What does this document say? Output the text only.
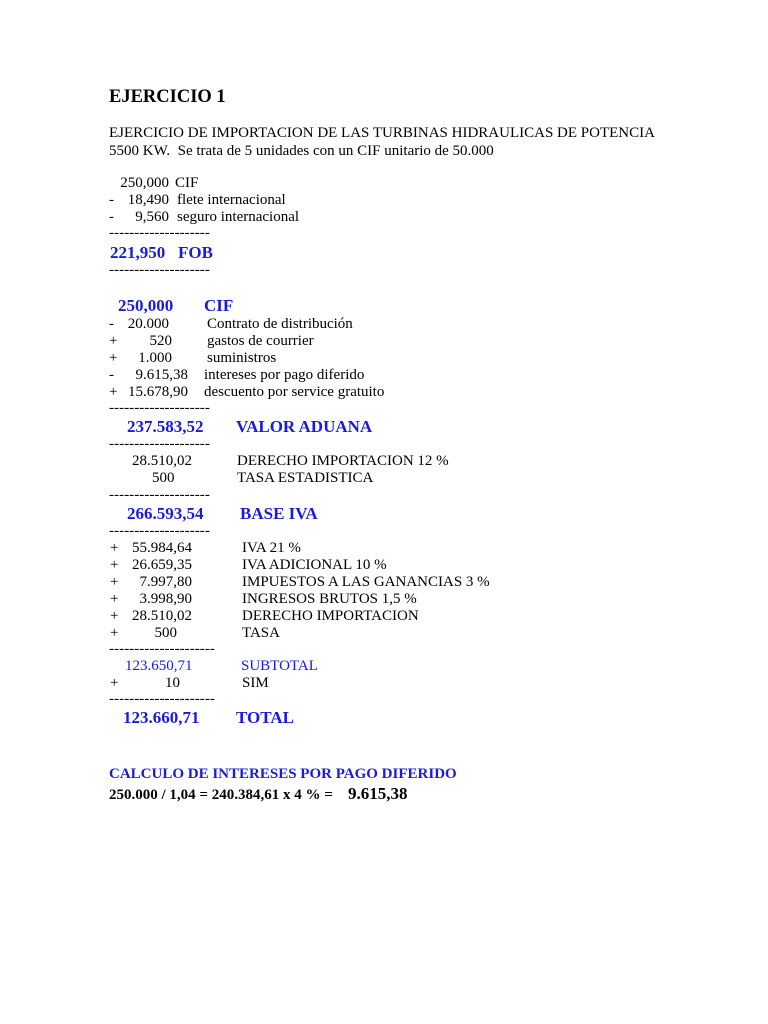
EJERCICIO 1
EJERCICIO DE IMPORTACION DE LAS TURBINAS HIDRAULICAS DE POTENCIA
5500 KW.  Se trata de 5 unidades con un CIF unitario de 50.000
250,000 CIF
- 18,490 flete internacional
-	9,560 seguro internacional
--------------------
221,950 FOB
--------------------
250,000 CIF
- 20.000	Contrato de distribución
+	520 gastos de courrier
+	1.000 suministros
-	9.615,38 intereses por pago diferido
+ 15.678,90 descuento por service gratuito
--------------------
237.583,52 VALOR ADUANA
--------------------
28.510,02	DERECHO IMPORTACION 12 %
500	TASA ESTADISTICA
--------------------
266.593,54 BASE IVA
--------------------
+ 55.984,64	IVA 21 %
+ 26.659,35	IVA ADICIONAL 10 %
+	7.997,80	IMPUESTOS A LAS GANANCIAS 3 %
+	3.998,90	INGRESOS BRUTOS 1,5 %
+ 28.510,02	DERECHO IMPORTACION
+	500	TASA
---------------------
123.650,71	SUBTOTAL
+	10	SIM
---------------------
123.660,71 TOTAL
CALCULO DE INTERESES POR PAGO DIFERIDO
250.000 / 1,04 = 240.384,61 x 4 % = 9.615,38
